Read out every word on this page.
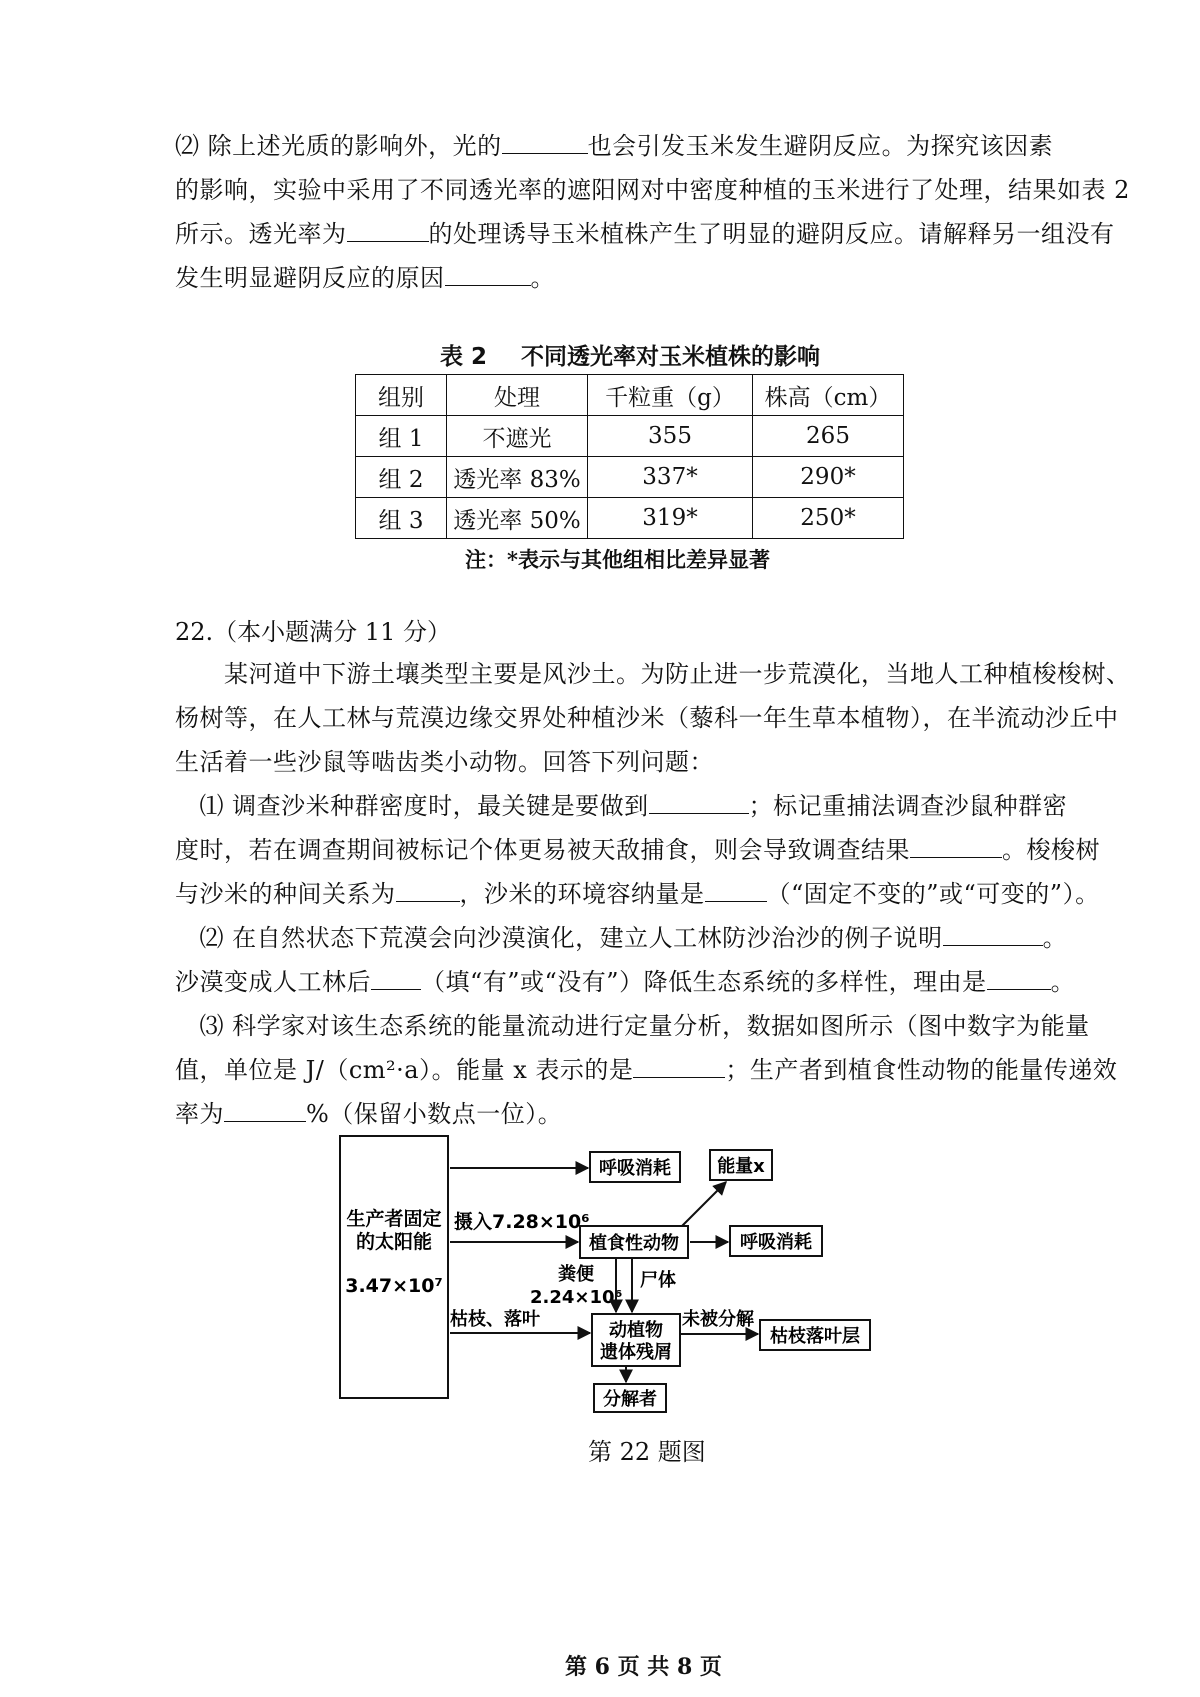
⑵ 除上述光质的影响外，光的	也会引发玉米发生避阴反应。为探究该因素
的影响，实验中采用了不同透光率的遮阳网对中密度种植的玉米进行了处理，结果如表 2
所示。透光率为	的处理诱导玉米植株产生了明显的避阴反应。请解释另一组没有
发生明显避阴反应的原因	。
表 2 不同透光率对玉米植株的影响
组别	处理	千粒重（g）	株高（cm）
组 1	不遮光	355	265
组 2	透光率 83%	337*	290*
组 3	透光率 50%	319*	250*
注：*表示与其他组相比差异显著
22.（本小题满分 11 分）
　　某河道中下游土壤类型主要是风沙土。为防止进一步荒漠化，当地人工种植梭梭树、
杨树等，在人工林与荒漠边缘交界处种植沙米（藜科一年生草本植物），在半流动沙丘中
生活着一些沙鼠等啮齿类小动物。回答下列问题：
　⑴ 调查沙米种群密度时，最关键是要做到	；标记重捕法调查沙鼠种群密
度时，若在调查期间被标记个体更易被天敌捕食，则会导致调查结果	。梭梭树
与沙米的种间关系为	，沙米的环境容纳量是	（“固定不变的”或“可变的”）。
　⑵ 在自然状态下荒漠会向沙漠演化，建立人工林防沙治沙的例子说明	。
沙漠变成人工林后 （填“有”或“没有”）降低生态系统的多样性，理由是	。
　⑶ 科学家对该生态系统的能量流动进行定量分析，数据如图所示（图中数字为能量
值，单位是 J/（cm²·a）。能量 x 表示的是	；生产者到植食性动物的能量传递效
率为	%（保留小数点一位）。
生产者固定
的太阳能
3.47×10⁷
呼吸消耗	能量x
摄入7.28×10⁶
植食性动物	呼吸消耗
粪便
2.24×10⁶
尸体
枯枝、落叶
动植物
遗体残屑
未被分解
枯枝落叶层
分解者
第 22 题图
第 6 页 共 8 页
